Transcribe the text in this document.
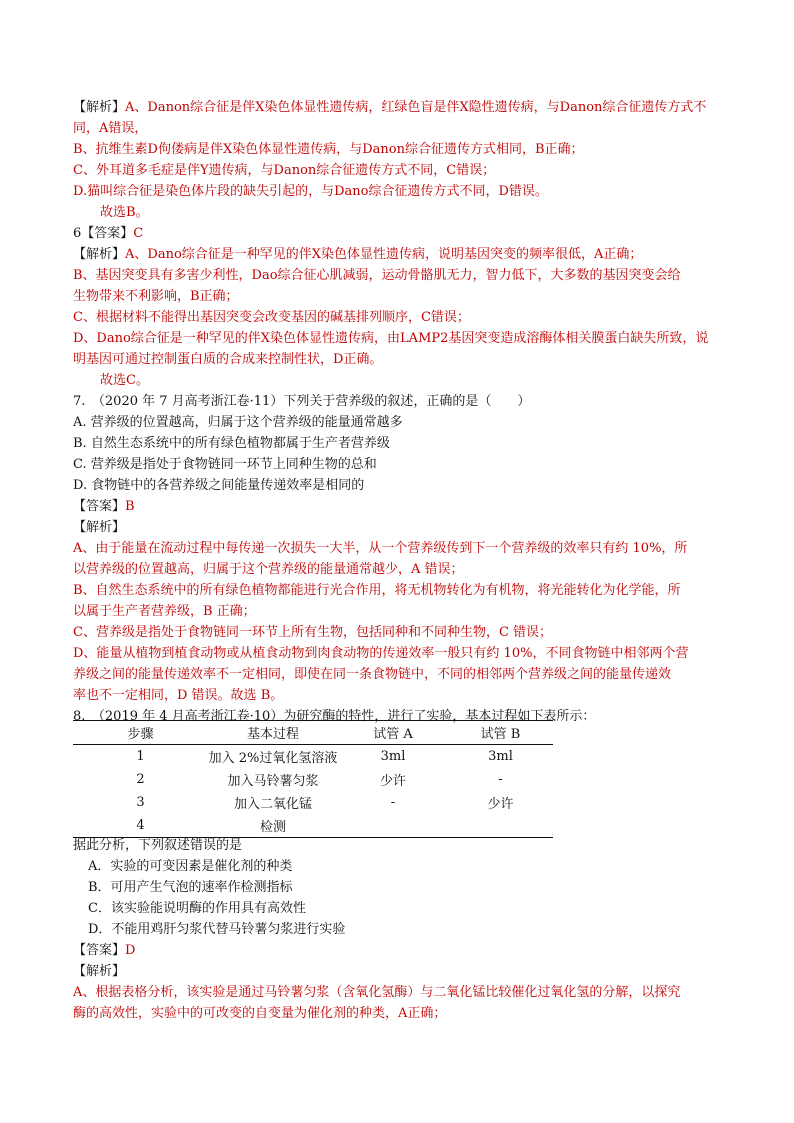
【解析】A、Danon综合征是伴X染色体显性遗传病，红绿色盲是伴X隐性遗传病，与Danon综合征遗传方式不
同，A错误，
B、抗维生素D佝偻病是伴X染色体显性遗传病，与Danon综合征遗传方式相同，B正确；
C、外耳道多毛症是伴Y遗传病，与Danon综合征遗传方式不同，C错误；
D.猫叫综合征是染色体片段的缺失引起的，与Dano综合征遗传方式不同，D错误。
故选B。
6【答案】C
【解析】A、Dano综合征是一种罕见的伴X染色体显性遗传病，说明基因突变的频率很低，A正确；
B、基因突变具有多害少利性，Dao综合征心肌减弱，运动骨骼肌无力，智力低下，大多数的基因突变会给
生物带来不利影响，B正确；
C、根据材料不能得出基因突变会改变基因的碱基排列顺序，C错误；
D、Dano综合征是一种罕见的伴X染色体显性遗传病，由LAMP2基因突变造成溶酶体相关膜蛋白缺失所致，说
明基因可通过控制蛋白质的合成来控制性状，D正确。
故选C。
7.　（2020 年 7 月高考浙江卷·11）下列关于营养级的叙述，正确的是（　　）
A. 营养级的位置越高，归属于这个营养级的能量通常越多
B. 自然生态系统中的所有绿色植物都属于生产者营养级
C. 营养级是指处于食物链同一环节上同种生物的总和
D. 食物链中的各营养级之间能量传递效率是相同的
【答案】B
【解析】
A、由于能量在流动过程中每传递一次损失一大半，从一个营养级传到下一个营养级的效率只有约 10%，所
以营养级的位置越高，归属于这个营养级的能量通常越少，A 错误；
B、自然生态系统中的所有绿色植物都能进行光合作用，将无机物转化为有机物，将光能转化为化学能，所
以属于生产者营养级，B 正确；
C、营养级是指处于食物链同一环节上所有生物，包括同种和不同种生物，C 错误；
D、能量从植物到植食动物或从植食动物到肉食动物的传递效率一般只有约 10%，不同食物链中相邻两个营
养级之间的能量传递效率不一定相同，即使在同一条食物链中，不同的相邻两个营养级之间的能量传递效
率也不一定相同，D 错误。故选 B。
8.　（2019 年 4 月高考浙江卷·10）为研究酶的特性，进行了实验，基本过程如下表所示：
步骤	基本过程	试管 A	试管 B
1	加入 2%过氧化氢溶液	3ml	3ml
2	加入马铃薯匀浆	少许	-
3	加入二氧化锰	-	少许
4	检测		
据此分析，下列叙述错误的是
A．实验的可变因素是催化剂的种类
B．可用产生气泡的速率作检测指标
C．该实验能说明酶的作用具有高效性
D．不能用鸡肝匀浆代替马铃薯匀浆进行实验
【答案】D
【解析】
A、根据表格分析，该实验是通过马铃薯匀浆（含氧化氢酶）与二氧化锰比较催化过氧化氢的分解，以探究
酶的高效性，实验中的可改变的自变量为催化剂的种类，A正确；
